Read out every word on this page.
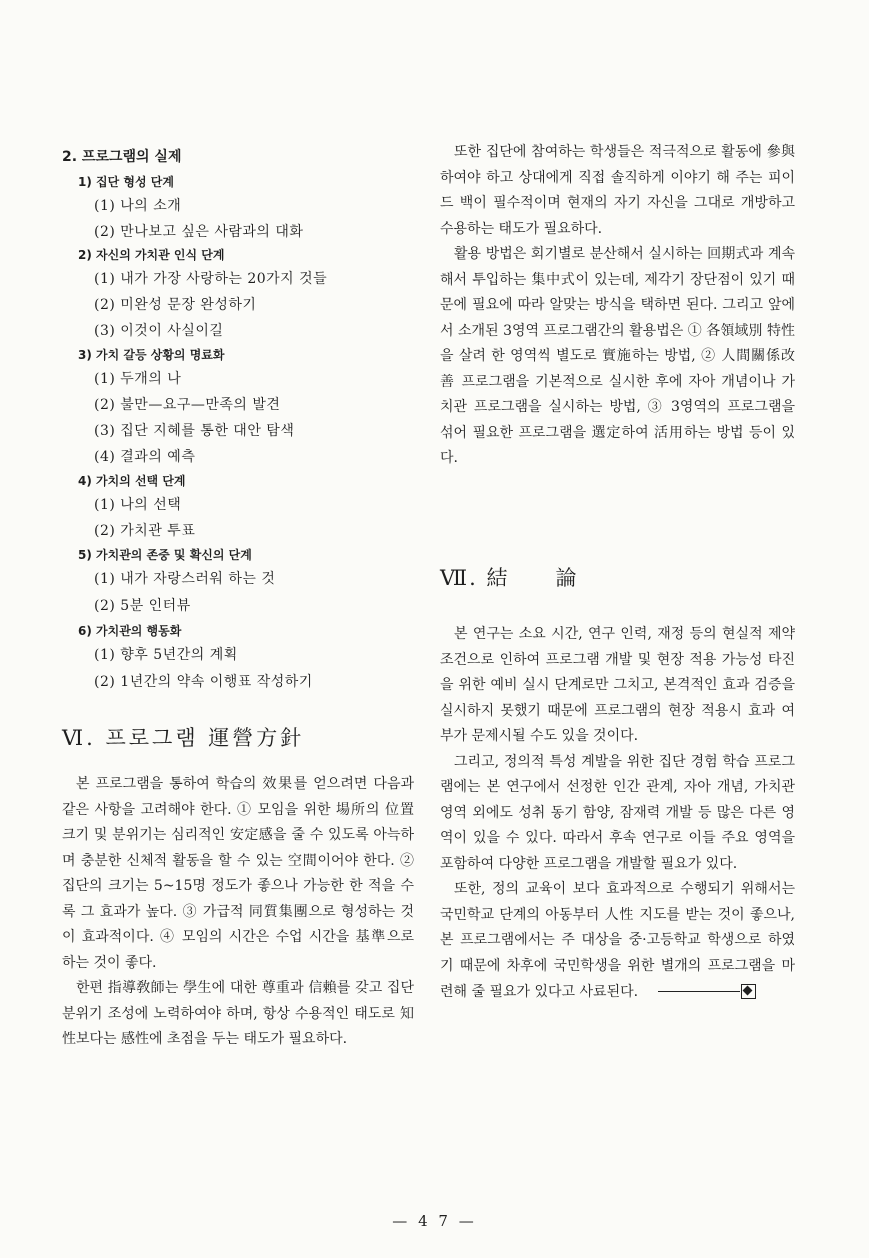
2. 프로그램의 실제
1) 집단 형성 단계
(1) 나의 소개
(2) 만나보고 싶은 사람과의 대화
2) 자신의 가치관 인식 단계
(1) 내가 가장 사랑하는 20가지 것들
(2) 미완성 문장 완성하기
(3) 이것이 사실이길
3) 가치 갈등 상황의 명료화
(1) 두개의 나
(2) 불만—요구—만족의 발견
(3) 집단 지혜를 통한 대안 탐색
(4) 결과의 예측
4) 가치의 선택 단계
(1) 나의 선택
(2) 가치관 투표
5) 가치관의 존중 및 확신의 단계
(1) 내가 자랑스러워 하는 것
(2) 5분 인터뷰
6) 가치관의 행동화
(1) 향후 5년간의 계획
(2) 1년간의 약속 이행표 작성하기
Ⅵ. 프로그램 運營方針

본 프로그램을 통하여 학습의 效果를 얻으려면 다음과 같은 사항을 고려해야 한다. ① 모임을 위한 場所의 位置 크기 및 분위기는 심리적인 安定感을 줄 수 있도록 아늑하며 충분한 신체적 활동을 할 수 있는 空間이어야 한다. ② 집단의 크기는 5~15명 정도가 좋으나 가능한 한 적을 수록 그 효과가 높다. ③ 가급적 同質集團으로 형성하는 것이 효과적이다. ④ 모임의 시간은 수업 시간을 基準으로 하는 것이 좋다.

한편 指導敎師는 學生에 대한 尊重과 信賴를 갖고 집단 분위기 조성에 노력하여야 하며, 항상 수용적인 태도로 知性보다는 感性에 초점을 두는 태도가 필요하다.

또한 집단에 참여하는 학생들은 적극적으로 활동에 參與하여야 하고 상대에게 직접 솔직하게 이야기 해 주는 피이드 백이 필수적이며 현재의 자기 자신을 그대로 개방하고 수용하는 태도가 필요하다.

활용 방법은 회기별로 분산해서 실시하는 回期式과 계속해서 투입하는 集中式이 있는데, 제각기 장단점이 있기 때문에 필요에 따라 알맞는 방식을 택하면 된다. 그리고 앞에서 소개된 3영역 프로그램간의 활용법은 ① 各領域別 特性을 살려 한 영역씩 별도로 實施하는 방법, ② 人間關係改善 프로그램을 기본적으로 실시한 후에 자아 개념이나 가치관 프로그램을 실시하는 방법, ③ 3영역의 프로그램을 섞어 필요한 프로그램을 選定하여 活用하는 방법 등이 있다.

Ⅶ. 結　　論

본 연구는 소요 시간, 연구 인력, 재정 등의 현실적 제약 조건으로 인하여 프로그램 개발 및 현장 적용 가능성 타진을 위한 예비 실시 단계로만 그치고, 본격적인 효과 검증을 실시하지 못했기 때문에 프로그램의 현장 적용시 효과 여부가 문제시될 수도 있을 것이다.

그리고, 정의적 특성 계발을 위한 집단 경험 학습 프로그램에는 본 연구에서 선정한 인간 관계, 자아 개념, 가치관 영역 외에도 성취 동기 함양, 잠재력 개발 등 많은 다른 영역이 있을 수 있다. 따라서 후속 연구로 이들 주요 영역을 포함하여 다양한 프로그램을 개발할 필요가 있다.

또한, 정의 교육이 보다 효과적으로 수행되기 위해서는 국민학교 단계의 아동부터 人性 지도를 받는 것이 좋으나, 본 프로그램에서는 주 대상을 중·고등학교 학생으로 하였기 때문에 차후에 국민학생을 위한 별개의 프로그램을 마련해 줄 필요가 있다고 사료된다.

— 4 7 —
